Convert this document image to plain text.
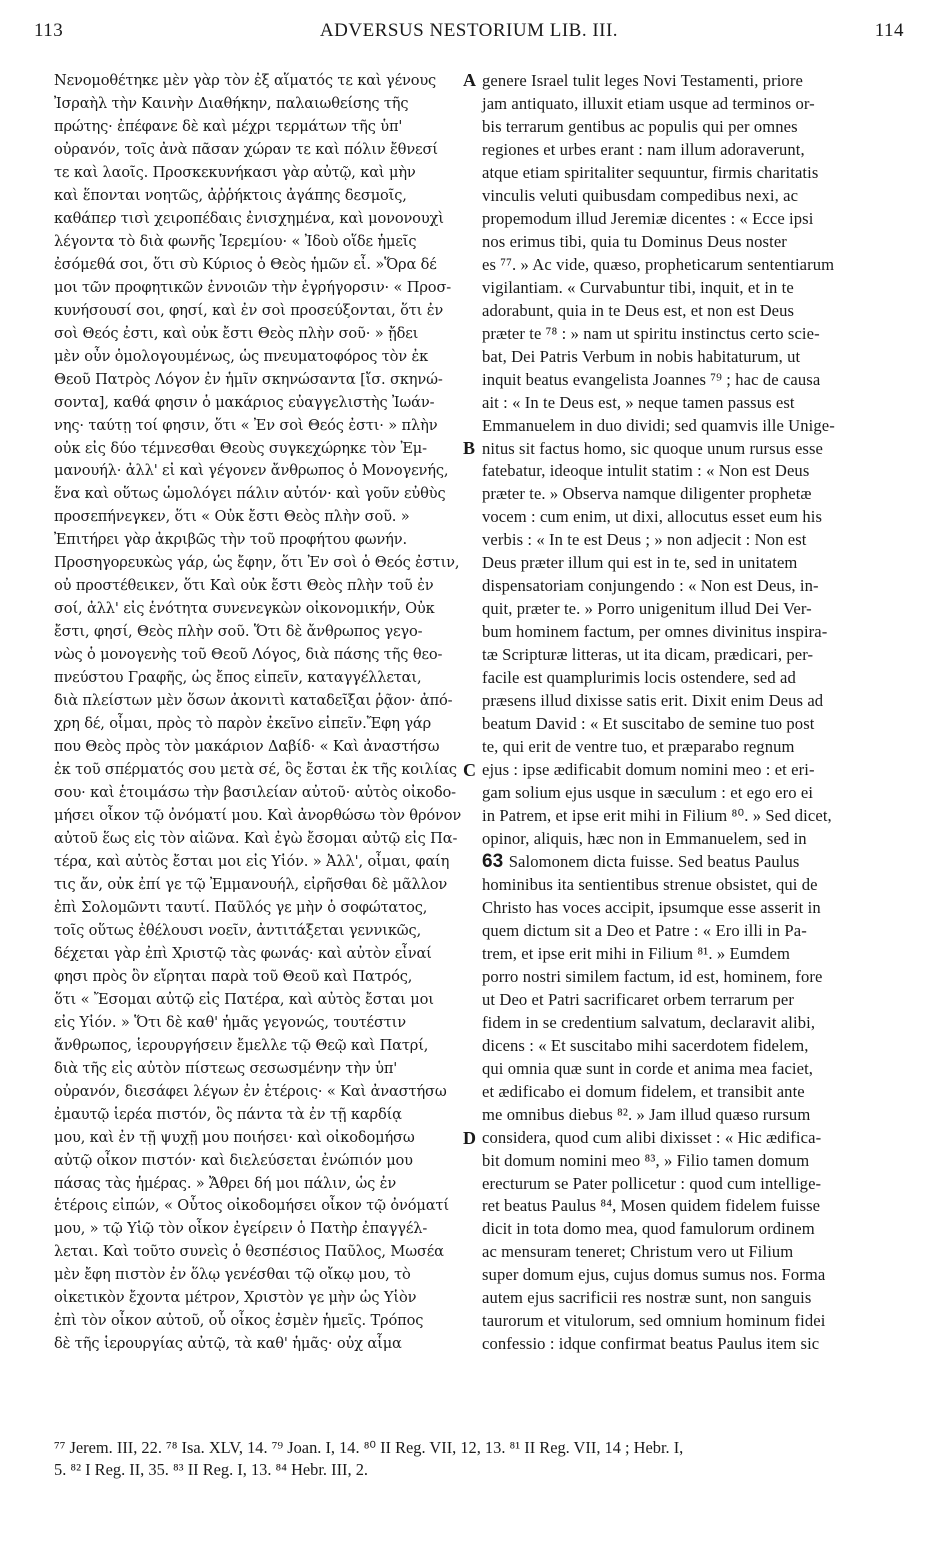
113	ADVERSUS NESTORIUM LIB. III.	114
Νενομοθέτηκε μὲν γὰρ τὸν ἐξ αἵματός τε καὶ γένους
Ἰσραὴλ τὴν Καινὴν Διαθήκην, παλαιωθείσης τῆς
πρώτης· ἐπέφανε δὲ καὶ μέχρι τερμάτων τῆς ὑπ'
οὐρανόν, τοῖς ἀνὰ πᾶσαν χώραν τε καὶ πόλιν ἔθνεσί
τε καὶ λαοῖς. Προσκεκυνήκασι γὰρ αὐτῷ, καὶ μὴν
καὶ ἕπονται νοητῶς, ἀῤῥήκτοις ἀγάπης δεσμοῖς,
καθάπερ τισὶ χειροπέδαις ἐνισχημένα, καὶ μονονουχὶ
λέγοντα τὸ διὰ φωνῆς Ἱερεμίου· « Ἰδοὺ οἵδε ἡμεῖς
ἐσόμεθά σοι, ὅτι σὺ Κύριος ὁ Θεὸς ἡμῶν εἶ. »Ὅρα δέ
μοι τῶν προφητικῶν ἐννοιῶν τὴν ἐγρήγορσιν· « Προσ-
κυνήσουσί σοι, φησί, καὶ ἐν σοὶ προσεύξονται, ὅτι ἐν
σοὶ Θεός ἐστι, καὶ οὐκ ἔστι Θεὸς πλὴν σοῦ· » ᾔδει
μὲν οὖν ὁμολογουμένως, ὡς πνευματοφόρος τὸν ἐκ
Θεοῦ Πατρὸς Λόγον ἐν ἡμῖν σκηνώσαντα [ἴσ. σκηνώ-
σοντα], καθά φησιν ὁ μακάριος εὐαγγελιστὴς Ἰωάν-
νης· ταύτῃ τοί φησιν, ὅτι « Ἐν σοὶ Θεός ἐστι· » πλὴν
οὐκ εἰς δύο τέμνεσθαι Θεοὺς συγκεχώρηκε τὸν Ἐμ-
μανουήλ· ἀλλ' εἰ καὶ γέγονεν ἄνθρωπος ὁ Μονογενής,
ἕνα καὶ οὕτως ὡμολόγει πάλιν αὐτόν· καὶ γοῦν εὐθὺς
προσεπήνεγκεν, ὅτι « Οὐκ ἔστι Θεὸς πλὴν σοῦ. »
Ἐπιτήρει γὰρ ἀκριβῶς τὴν τοῦ προφήτου φωνήν.
Προσηγορευκὼς γάρ, ὡς ἔφην, ὅτι Ἐν σοὶ ὁ Θεός ἐστιν,
οὐ προστέθεικεν, ὅτι Καὶ οὐκ ἔστι Θεὸς πλὴν τοῦ ἐν
σοί, ἀλλ' εἰς ἑνότητα συνενεγκὼν οἰκονομικήν, Οὐκ
ἔστι, φησί, Θεὸς πλὴν σοῦ. Ὅτι δὲ ἄνθρωπος γεγο-
νὼς ὁ μονογενὴς τοῦ Θεοῦ Λόγος, διὰ πάσης τῆς θεο-
πνεύστου Γραφῆς, ὡς ἔπος εἰπεῖν, καταγγέλλεται,
διὰ πλείστων μὲν ὅσων ἀκονιτὶ καταδεῖξαι ῥᾷον· ἀπό-
χρη δέ, οἶμαι, πρὸς τὸ παρὸν ἐκεῖνο εἰπεῖν.Ἔφη γάρ
που Θεὸς πρὸς τὸν μακάριον Δαβίδ· « Καὶ ἀναστήσω
ἐκ τοῦ σπέρματός σου μετὰ σέ, ὃς ἔσται ἐκ τῆς κοιλίας
σου· καὶ ἑτοιμάσω τὴν βασιλείαν αὐτοῦ· αὐτὸς οἰκοδο-
μήσει οἶκον τῷ ὀνόματί μου. Καὶ ἀνορθώσω τὸν θρόνον
αὐτοῦ ἕως εἰς τὸν αἰῶνα. Καὶ ἐγὼ ἔσομαι αὐτῷ εἰς Πα-
τέρα, καὶ αὐτὸς ἔσται μοι εἰς Υἱόν. » Ἀλλ', οἶμαι, φαίη
τις ἄν, οὐκ ἐπί γε τῷ Ἐμμανουήλ, εἰρῆσθαι δὲ μᾶλλον
ἐπὶ Σολομῶντι ταυτί. Παῦλός γε μὴν ὁ σοφώτατος,
τοῖς οὕτως ἐθέλουσι νοεῖν, ἀντιτάξεται γεννικῶς,
δέχεται γὰρ ἐπὶ Χριστῷ τὰς φωνάς· καὶ αὐτὸν εἶναί
φησι πρὸς ὃν εἴρηται παρὰ τοῦ Θεοῦ καὶ Πατρός,
ὅτι « Ἔσομαι αὐτῷ εἰς Πατέρα, καὶ αὐτὸς ἔσται μοι
εἰς Υἱόν. » Ὅτι δὲ καθ' ἡμᾶς γεγονώς, τουτέστιν
ἄνθρωπος, ἱερουργήσειν ἔμελλε τῷ Θεῷ καὶ Πατρί,
διὰ τῆς εἰς αὐτὸν πίστεως σεσωσμένην τὴν ὑπ'
οὐρανόν, διεσάφει λέγων ἐν ἑτέροις· « Καὶ ἀναστήσω
ἐμαυτῷ ἱερέα πιστόν, ὃς πάντα τὰ ἐν τῇ καρδίᾳ
μου, καὶ ἐν τῇ ψυχῇ μου ποιήσει· καὶ οἰκοδομήσω
αὐτῷ οἶκον πιστόν· καὶ διελεύσεται ἐνώπιόν μου
πάσας τὰς ἡμέρας. » Ἄθρει δή μοι πάλιν, ὡς ἐν
ἑτέροις εἰπών, « Οὗτος οἰκοδομήσει οἶκον τῷ ὀνόματί
μου, » τῷ Υἱῷ τὸν οἶκον ἐγείρειν ὁ Πατὴρ ἐπαγγέλ-
λεται. Καὶ τοῦτο συνεὶς ὁ θεσπέσιος Παῦλος, Μωσέα
μὲν ἔφη πιστὸν ἐν ὅλῳ γενέσθαι τῷ οἴκῳ μου, τὸ
οἰκετικὸν ἔχοντα μέτρον, Χριστὸν γε μὴν ὡς Υἱὸν
ἐπὶ τὸν οἶκον αὐτοῦ, οὗ οἶκος ἐσμὲν ἡμεῖς. Τρόπος
δὲ τῆς ἱερουργίας αὐτῷ, τὰ καθ' ἡμᾶς· οὐχ αἷμα
A
B
C
D
genere Israel tulit leges Novi Testamenti, priore
jam antiquato, illuxit etiam usque ad terminos or-
bis terrarum gentibus ac populis qui per omnes
regiones et urbes erant : nam illum adoraverunt,
atque etiam spiritaliter sequuntur, firmis charitatis
vinculis veluti quibusdam compedibus nexi, ac
propemodum illud Jeremiæ dicentes : « Ecce ipsi
nos erimus tibi, quia tu Dominus Deus noster
es ⁷⁷. » Ac vide, quæso, propheticarum sententiarum
vigilantiam. « Curvabuntur tibi, inquit, et in te
adorabunt, quia in te Deus est, et non est Deus
præter te ⁷⁸ : » nam ut spiritu instinctus certo scie-
bat, Dei Patris Verbum in nobis habitaturum, ut
inquit beatus evangelista Joannes ⁷⁹ ; hac de causa
ait : « In te Deus est, » neque tamen passus est
Emmanuelem in duo dividi; sed quamvis ille Unige-
nitus sit factus homo, sic quoque unum rursus esse
fatebatur, ideoque intulit statim : « Non est Deus
præter te. » Observa namque diligenter prophetæ
vocem : cum enim, ut dixi, allocutus esset eum his
verbis : « In te est Deus ; » non adjecit : Non est
Deus præter illum qui est in te, sed in unitatem
dispensatoriam conjungendo : « Non est Deus, in-
quit, præter te. » Porro unigenitum illud Dei Ver-
bum hominem factum, per omnes divinitus inspira-
tæ Scripturæ litteras, ut ita dicam, prædicari, per-
facile est quamplurimis locis ostendere, sed ad
præsens illud dixisse satis erit. Dixit enim Deus ad
beatum David : « Et suscitabo de semine tuo post
te, qui erit de ventre tuo, et præparabo regnum
ejus : ipse ædificabit domum nomini meo : et eri-
gam solium ejus usque in sæculum : et ego ero ei
in Patrem, et ipse erit mihi in Filium ⁸⁰. » Sed dicet,
opinor, aliquis, hæc non in Emmanuelem, sed in
63 Salomonem dicta fuisse. Sed beatus Paulus
hominibus ita sentientibus strenue obsistet, qui de
Christo has voces accipit, ipsumque esse asserit in
quem dictum sit a Deo et Patre : « Ero illi in Pa-
trem, et ipse erit mihi in Filium ⁸¹. » Eumdem
porro nostri similem factum, id est, hominem, fore
ut Deo et Patri sacrificaret orbem terrarum per
fidem in se credentium salvatum, declaravit alibi,
dicens : « Et suscitabo mihi sacerdotem fidelem,
qui omnia quæ sunt in corde et anima mea faciet,
et ædificabo ei domum fidelem, et transibit ante
me omnibus diebus ⁸². » Jam illud quæso rursum
considera, quod cum alibi dixisset : « Hic ædifica-
bit domum nomini meo ⁸³, » Filio tamen domum
erecturum se Pater pollicetur : quod cum intellige-
ret beatus Paulus ⁸⁴, Mosen quidem fidelem fuisse
dicit in tota domo mea, quod famulorum ordinem
ac mensuram teneret; Christum vero ut Filium
super domum ejus, cujus domus sumus nos. Forma
autem ejus sacrificii res nostræ sunt, non sanguis
taurorum et vitulorum, sed omnium hominum fidei
confessio : idque confirmat beatus Paulus item sic
⁷⁷ Jerem. III, 22. ⁷⁸ Isa. XLV, 14. ⁷⁹ Joan. I, 14. ⁸⁰ II Reg. VII, 12, 13. ⁸¹ II Reg. VII, 14 ; Hebr. I,
5. ⁸² I Reg. II, 35. ⁸³ II Reg. I, 13. ⁸⁴ Hebr. III, 2.
